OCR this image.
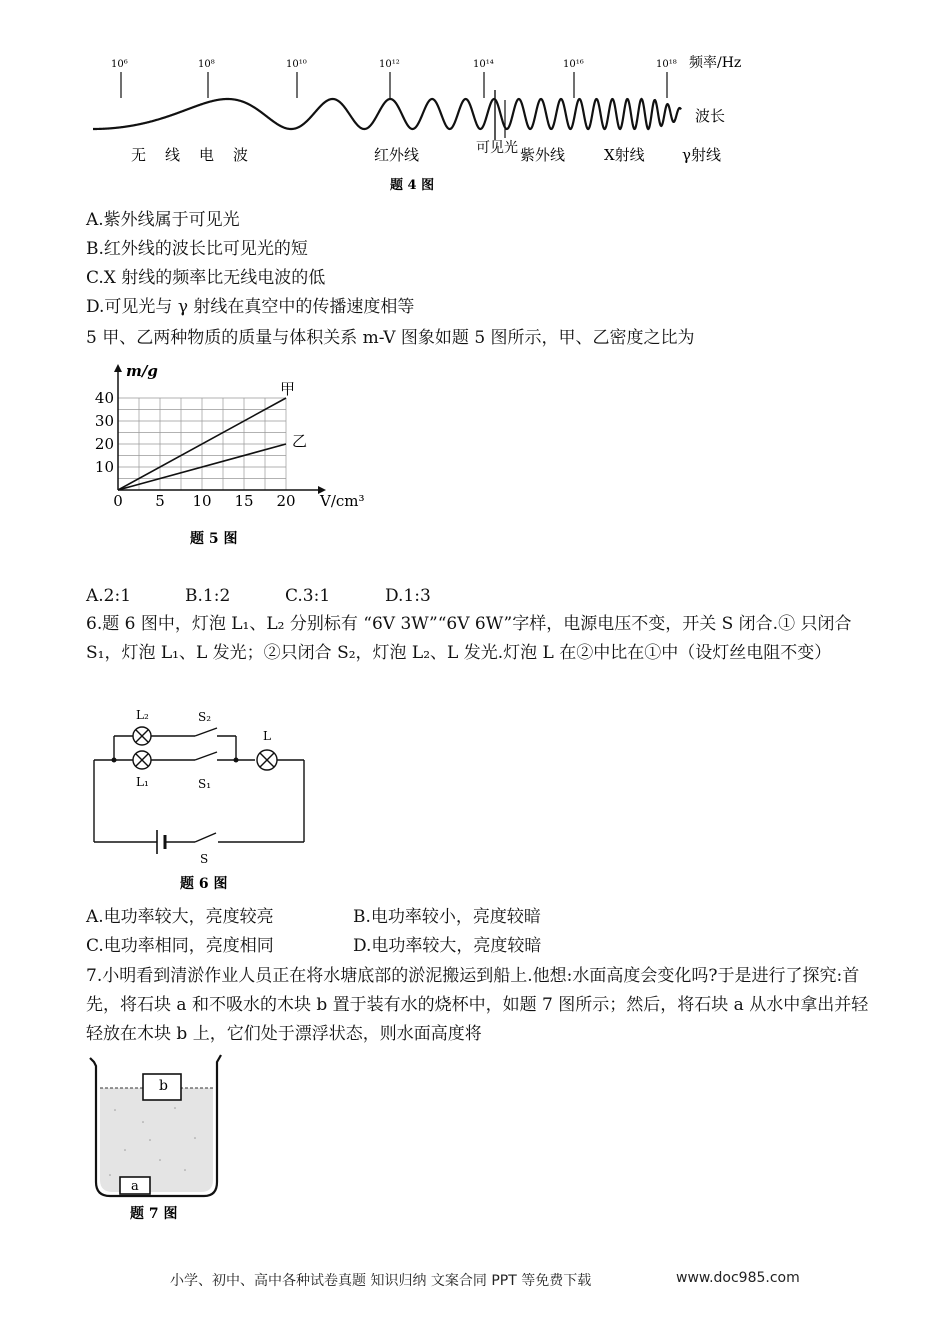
10⁶	10⁸	10¹⁰	10¹²	10¹⁴	10¹⁶	10¹⁸ 频率/Hz
波长
无线电波	红外线	可见光 紫外线	X射线 γ射线
题 4 图
A.紫外线属于可见光
B.红外线的波长比可见光的短
C.X 射线的频率比无线电波的低
D.可见光与 γ 射线在真空中的传播速度相等
5 甲、乙两种物质的质量与体积关系 m-V 图象如题 5 图所示，甲、乙密度之比为
甲
乙
0 5 10 15 20
10
20
30
40
m/g
V/cm³
题 5 图
A.2:1	B.1:2	C.3:1	D.1:3
6.题 6 图中，灯泡 L₁、L₂ 分别标有 “6V 3W”“6V 6W”字样，电源电压不变，开关 S 闭合.① 只闭合 S₁，灯泡 L₁、L 发光；②只闭合 S₂，灯泡 L₂、L 发光.灯泡 L 在②中比在①中（设灯丝电阻不变）
L₂	S₂
L
L₁	S₁
S
题 6 图
A.电功率较大，亮度较亮	B.电功率较小，亮度较暗
C.电功率相同，亮度相同	D.电功率较大，亮度较暗
7.小明看到清淤作业人员正在将水塘底部的淤泥搬运到船上.他想:水面高度会变化吗?于是进行了探究:首先，将石块 a 和不吸水的木块 b 置于装有水的烧杯中，如题 7 图所示；然后，将石块 a 从水中拿出并轻轻放在木块 b 上，它们处于漂浮状态，则水面高度将
b
a
题 7 图
小学、初中、高中各种试卷真题 知识归纳 文案合同 PPT 等免费下载	www.doc985.com
